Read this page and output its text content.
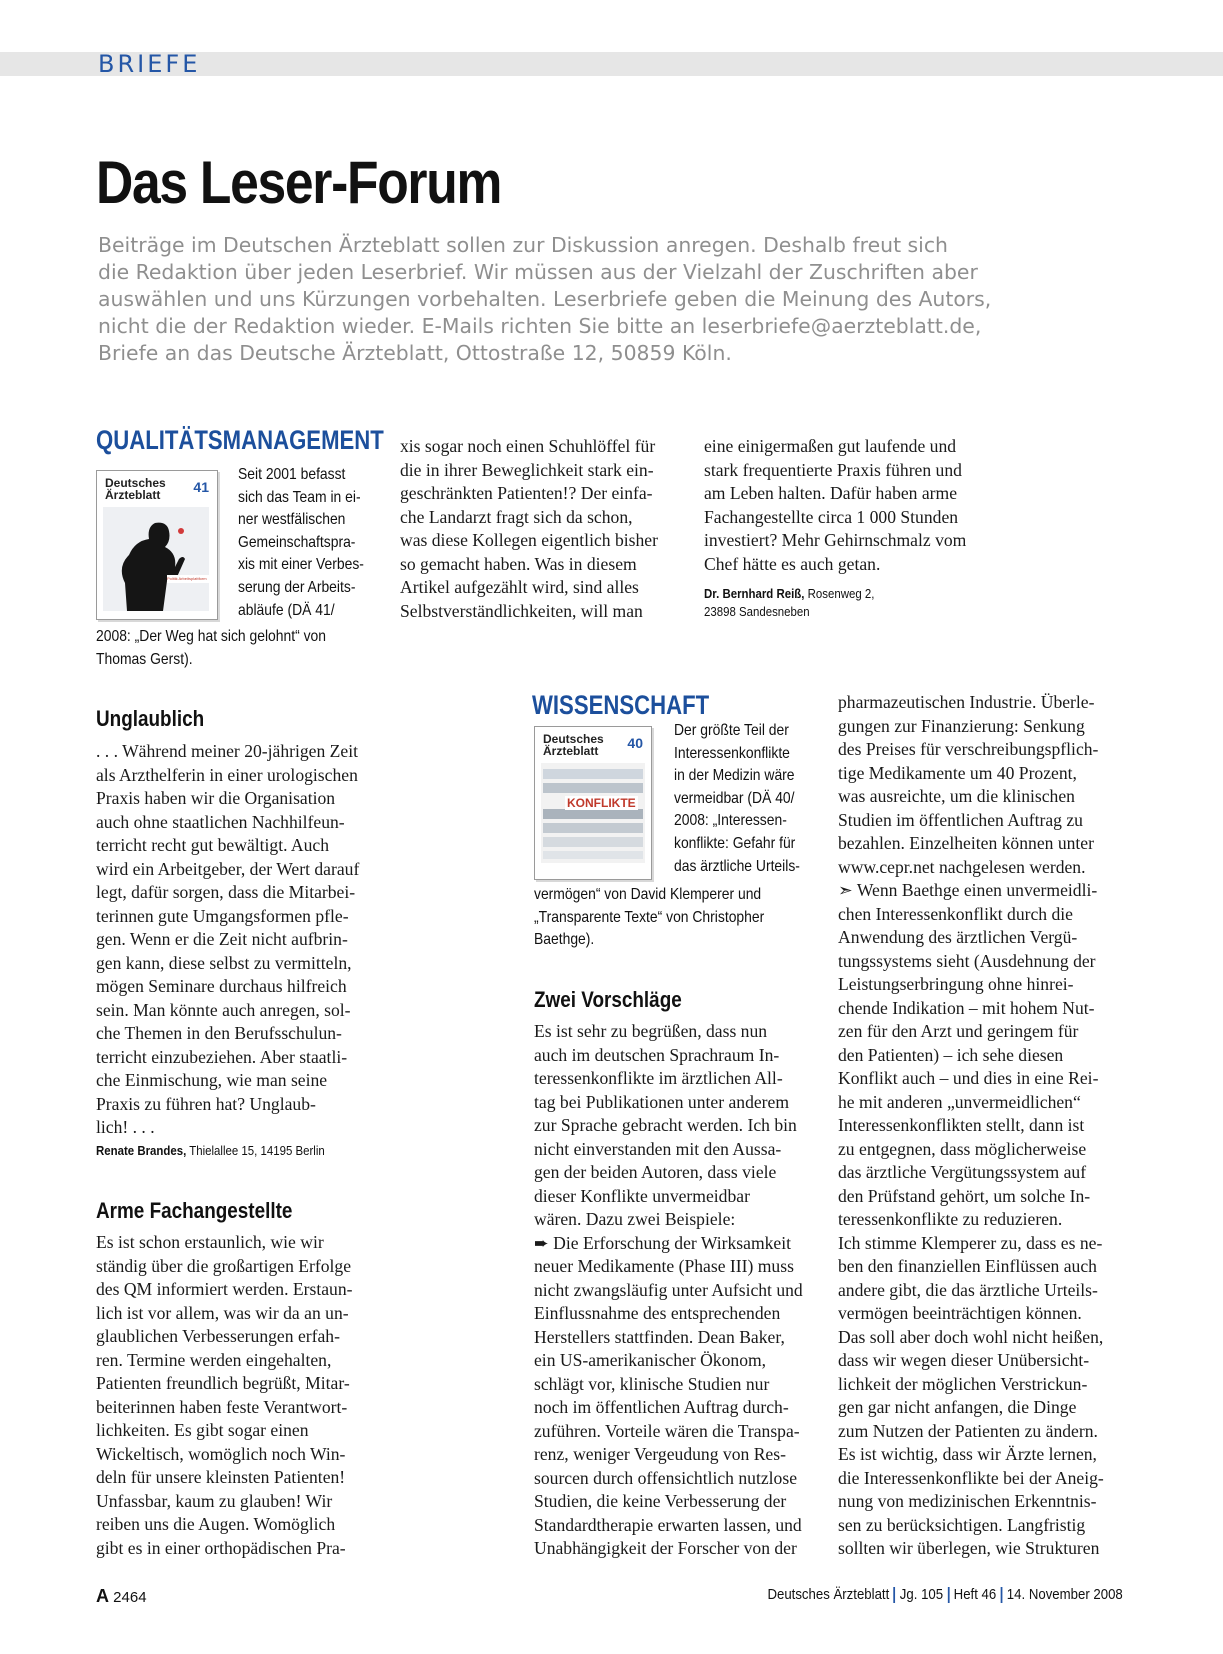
BRIEFE
Das Leser-Forum
Beiträge im Deutschen Ärzteblatt sollen zur Diskussion anregen. Deshalb freut sich
die Redaktion über jeden Leserbrief. Wir müssen aus der Vielzahl der Zuschriften aber
auswählen und uns Kürzungen vorbehalten. Leserbriefe geben die Meinung des Autors,
nicht die der Redaktion wieder. E-Mails richten Sie bitte an leserbriefe@aerzteblatt.de,
Briefe an das Deutsche Ärzteblatt, Ottostraße 12, 50859 Köln.
QUALITÄTSMANAGEMENT
Deutsches
Ärzteblatt	41
Politik Arbeitsplattform
Seit 2001 befasst
sich das Team in ei-
ner westfälischen
Gemeinschaftspra-
xis mit einer Verbes-
serung der Arbeits-
abläufe (DÄ 41/
2008: „Der Weg hat sich gelohnt“ von
Thomas Gerst).
Unglaublich
. . . Während meiner 20-jährigen Zeit
als Arzthelferin in einer urologischen
Praxis haben wir die Organisation
auch ohne staatlichen Nachhilfeun-
terricht recht gut bewältigt. Auch
wird ein Arbeitgeber, der Wert darauf
legt, dafür sorgen, dass die Mitarbei-
terinnen gute Umgangsformen pfle-
gen. Wenn er die Zeit nicht aufbrin-
gen kann, diese selbst zu vermitteln,
mögen Seminare durchaus hilfreich
sein. Man könnte auch anregen, sol-
che Themen in den Berufsschulun-
terricht einzubeziehen. Aber staatli-
che Einmischung, wie man seine
Praxis zu führen hat? Unglaub-
lich! . . .
Renate Brandes, Thielallee 15, 14195 Berlin
Arme Fachangestellte
Es ist schon erstaunlich, wie wir
ständig über die großartigen Erfolge
des QM informiert werden. Erstaun-
lich ist vor allem, was wir da an un-
glaublichen Verbesserungen erfah-
ren. Termine werden eingehalten,
Patienten freundlich begrüßt, Mitar-
beiterinnen haben feste Verantwort-
lichkeiten. Es gibt sogar einen
Wickeltisch, womöglich noch Win-
deln für unsere kleinsten Patienten!
Unfassbar, kaum zu glauben! Wir
reiben uns die Augen. Womöglich
gibt es in einer orthopädischen Pra-
xis sogar noch einen Schuhlöffel für
die in ihrer Beweglichkeit stark ein-
geschränkten Patienten!? Der einfa-
che Landarzt fragt sich da schon,
was diese Kollegen eigentlich bisher
so gemacht haben. Was in diesem
Artikel aufgezählt wird, sind alles
Selbstverständlichkeiten, will man
eine einigermaßen gut laufende und
stark frequentierte Praxis führen und
am Leben halten. Dafür haben arme
Fachangestellte circa 1 000 Stunden
investiert? Mehr Gehirnschmalz vom
Chef hätte es auch getan.
Dr. Bernhard Reiß, Rosenweg 2,
23898 Sandesneben
WISSENSCHAFT
Deutsches
Ärzteblatt	40
KONFLIKTE
Der größte Teil der
Interessenkonflikte
in der Medizin wäre
vermeidbar (DÄ 40/
2008: „Interessen-
konflikte: Gefahr für
das ärztliche Urteils-
vermögen“ von David Klemperer und
„Transparente Texte“ von Christopher
Baethge).
Zwei Vorschläge
Es ist sehr zu begrüßen, dass nun
auch im deutschen Sprachraum In-
teressenkonflikte im ärztlichen All-
tag bei Publikationen unter anderem
zur Sprache gebracht werden. Ich bin
nicht einverstanden mit den Aussa-
gen der beiden Autoren, dass viele
dieser Konflikte unvermeidbar
wären. Dazu zwei Beispiele:
➨ Die Erforschung der Wirksamkeit
neuer Medikamente (Phase III) muss
nicht zwangsläufig unter Aufsicht und
Einflussnahme des entsprechenden
Herstellers stattfinden. Dean Baker,
ein US-amerikanischer Ökonom,
schlägt vor, klinische Studien nur
noch im öffentlichen Auftrag durch-
zuführen. Vorteile wären die Transpa-
renz, weniger Vergeudung von Res-
sourcen durch offensichtlich nutzlose
Studien, die keine Verbesserung der
Standardtherapie erwarten lassen, und
Unabhängigkeit der Forscher von der
pharmazeutischen Industrie. Überle-
gungen zur Finanzierung: Senkung
des Preises für verschreibungspflich-
tige Medikamente um 40 Prozent,
was ausreichte, um die klinischen
Studien im öffentlichen Auftrag zu
bezahlen. Einzelheiten können unter
www.cepr.net nachgelesen werden.
➣ Wenn Baethge einen unvermeidli-
chen Interessenkonflikt durch die
Anwendung des ärztlichen Vergü-
tungssystems sieht (Ausdehnung der
Leistungserbringung ohne hinrei-
chende Indikation – mit hohem Nut-
zen für den Arzt und geringem für
den Patienten) – ich sehe diesen
Konflikt auch – und dies in eine Rei-
he mit anderen „unvermeidlichen“
Interessenkonflikten stellt, dann ist
zu entgegnen, dass möglicherweise
das ärztliche Vergütungssystem auf
den Prüfstand gehört, um solche In-
teressenkonflikte zu reduzieren.
Ich stimme Klemperer zu, dass es ne-
ben den finanziellen Einflüssen auch
andere gibt, die das ärztliche Urteils-
vermögen beeinträchtigen können.
Das soll aber doch wohl nicht heißen,
dass wir wegen dieser Unübersicht-
lichkeit der möglichen Verstrickun-
gen gar nicht anfangen, die Dinge
zum Nutzen der Patienten zu ändern.
Es ist wichtig, dass wir Ärzte lernen,
die Interessenkonflikte bei der Aneig-
nung von medizinischen Erkenntnis-
sen zu berücksichtigen. Langfristig
sollten wir überlegen, wie Strukturen
A 2464	Deutsches Ärzteblatt Jg. 105 Heft 46 14. November 2008
